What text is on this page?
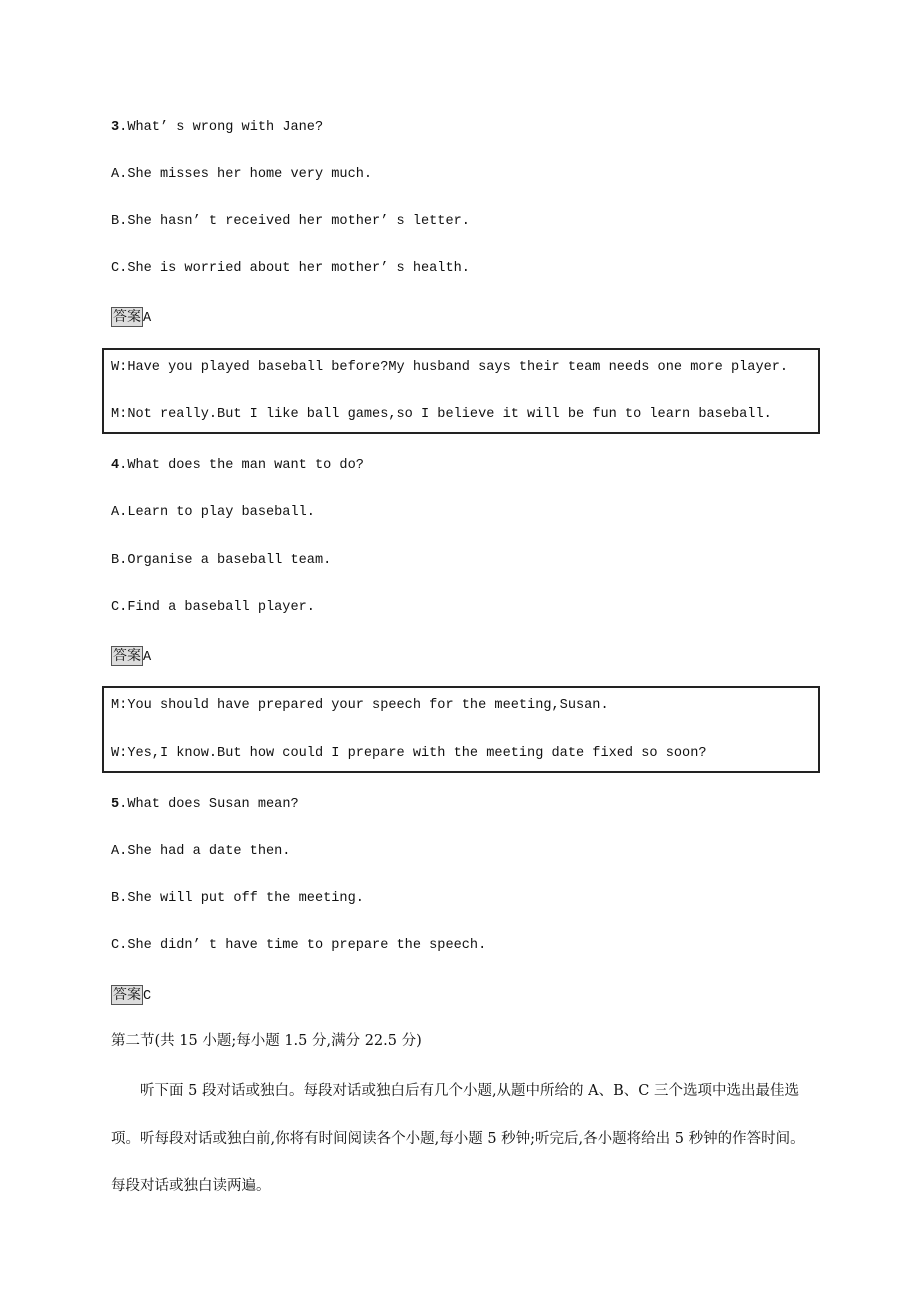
3.What’ s wrong with Jane?
A.She misses her home very much.
B.She hasn’ t received her mother’ s letter.
C.She is worried about her mother’ s health.
答案 A
W:Have you played baseball before?My husband says their team needs one more player.
M:Not really.But I like ball games,so I believe it will be fun to learn baseball.
4.What does the man want to do?
A.Learn to play baseball.
B.Organise a baseball team.
C.Find a baseball player.
答案 A
M:You should have prepared your speech for the meeting,Susan.
W:Yes,I know.But how could I prepare with the meeting date fixed so soon?
5.What does Susan mean?
A.She had a date then.
B.She will put off the meeting.
C.She didn’ t have time to prepare the speech.
答案 C
第二节(共 15 小题;每小题 1.5 分,满分 22.5 分)
听下面 5 段对话或独白。每段对话或独白后有几个小题,从题中所给的 A、B、C 三个选项中选出最佳选项。听每段对话或独白前,你将有时间阅读各个小题,每小题 5 秒钟;听完后,各小题将给出 5 秒钟的作答时间。每段对话或独白读两遍。
